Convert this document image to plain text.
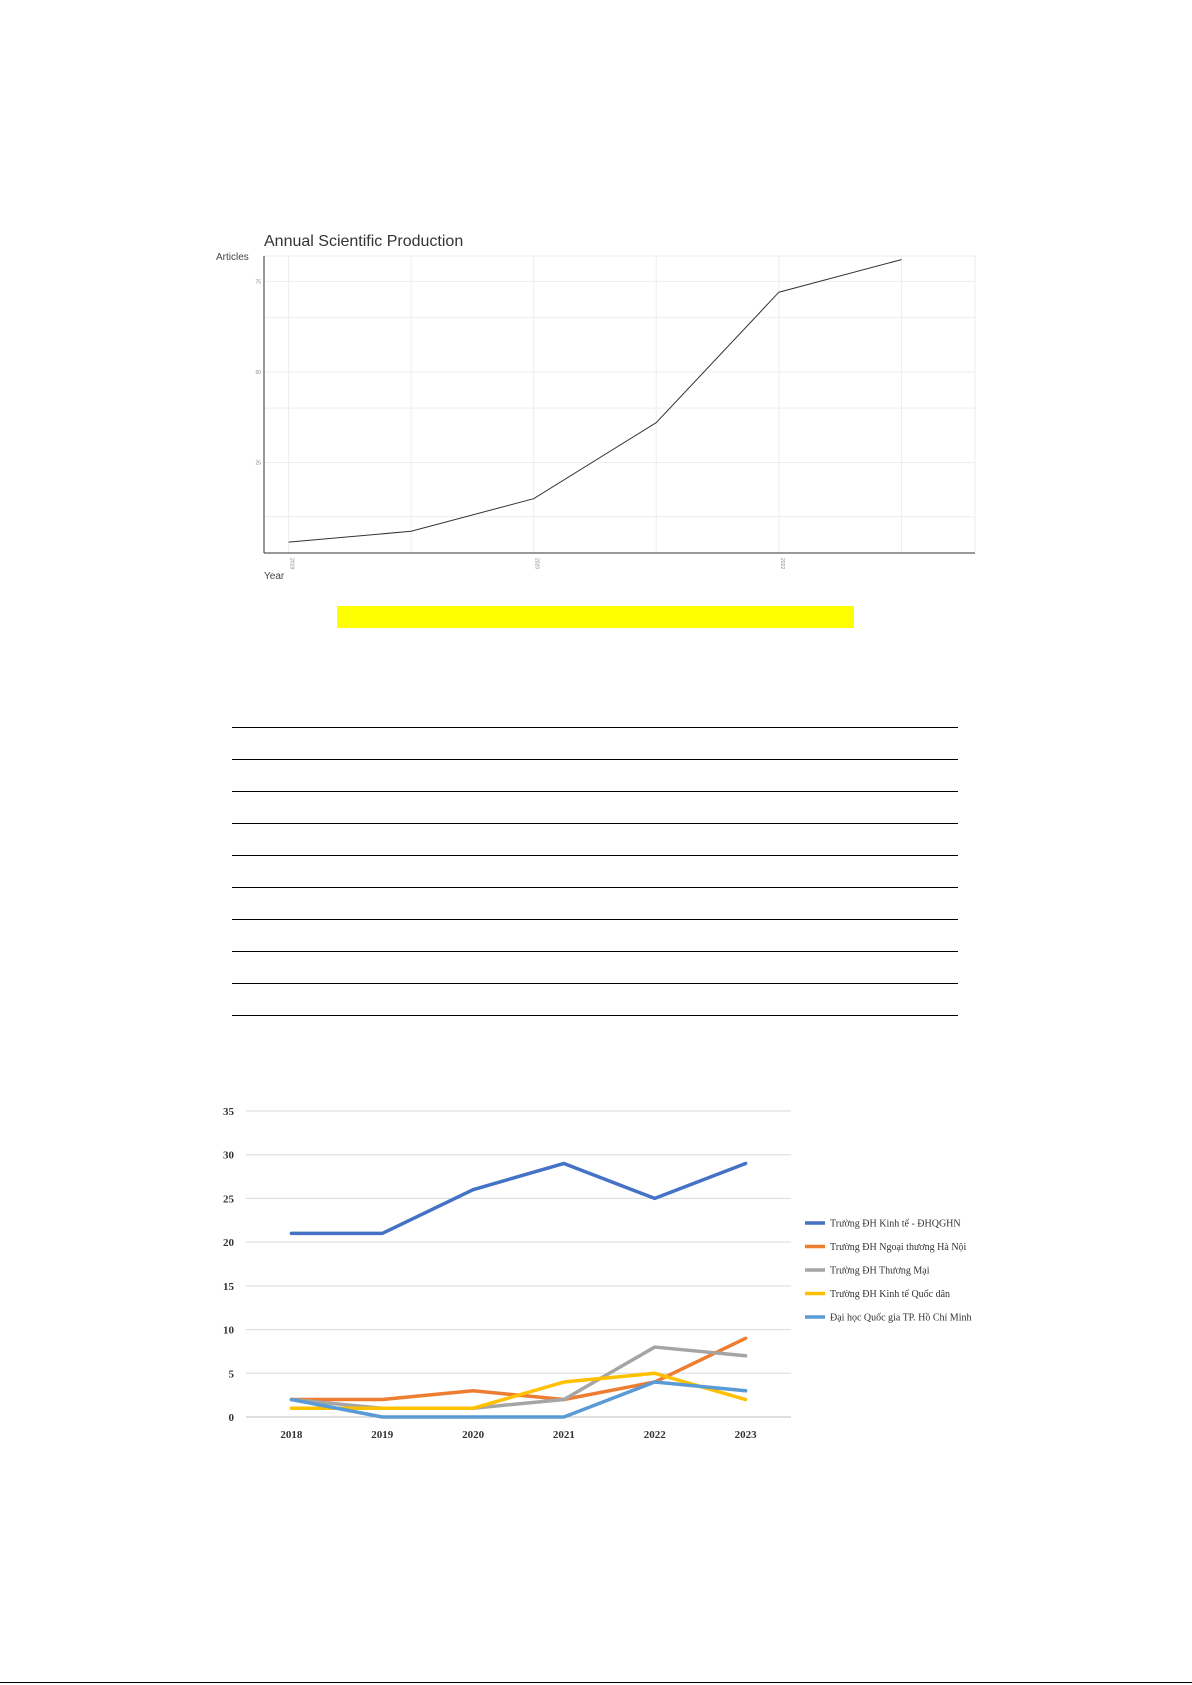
Annual Scientific Production
25
50
75
2018	2020	2022
Articles
Year
0
5
10
15
20
25
30
35
2018	2019	2020	2021	2022	2023
Trường ĐH Kinh tế - ĐHQGHN
Trường ĐH Ngoại thương Hà Nội
Trường ĐH Thương Mại
Trường ĐH Kinh tế Quốc dân
Đại học Quốc gia TP. Hồ Chí Minh
